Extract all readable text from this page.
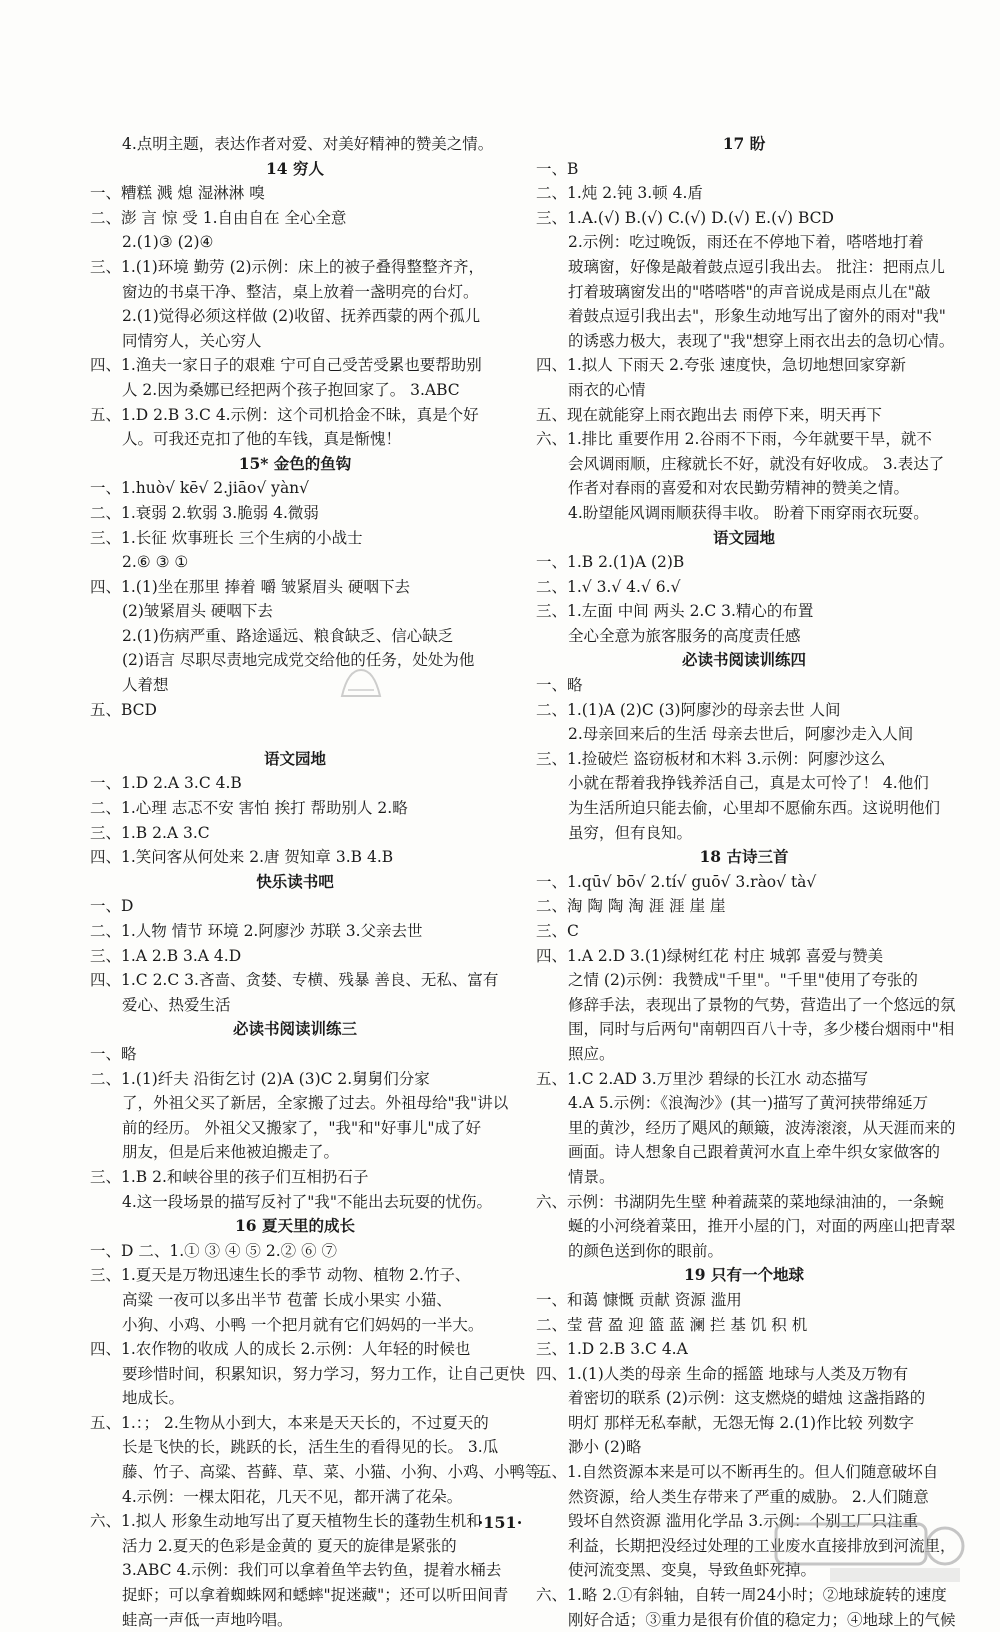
4.点明主题，表达作者对爱、对美好精神的赞美之情。
14 穷人
一、糟糕 溅 熄 湿淋淋 嗅
二、澎 言 惊 受 1.自由自在 全心全意
2.(1)③ (2)④
三、1.(1)环境 勤劳 (2)示例：床上的被子叠得整整齐齐，
窗边的书桌干净、整洁，桌上放着一盏明亮的台灯。
2.(1)觉得必须这样做 (2)收留、抚养西蒙的两个孤儿
同情穷人，关心穷人
四、1.渔夫一家日子的艰难 宁可自己受苦受累也要帮助别
人 2.因为桑娜已经把两个孩子抱回家了。 3.ABC
五、1.D 2.B 3.C 4.示例：这个司机拾金不昧，真是个好
人。可我还克扣了他的车钱，真是惭愧！
15* 金色的鱼钩
一、1.huò√ kē√ 2.jiāo√ yàn√
二、1.衰弱 2.软弱 3.脆弱 4.微弱
三、1.长征 炊事班长 三个生病的小战士
2.⑥ ③ ①
四、1.(1)坐在那里 捧着 嚼 皱紧眉头 硬咽下去
(2)皱紧眉头 硬咽下去
2.(1)伤病严重、路途遥远、粮食缺乏、信心缺乏
(2)语言 尽职尽责地完成党交给他的任务，处处为他
人着想
五、BCD

语文园地
一、1.D 2.A 3.C 4.B
二、1.心理 志忑不安 害怕 挨打 帮助别人 2.略
三、1.B 2.A 3.C
四、1.笑问客从何处来 2.唐 贺知章 3.B 4.B
快乐读书吧
一、D
二、1.人物 情节 环境 2.阿廖沙 苏联 3.父亲去世
三、1.A 2.B 3.A 4.D
四、1.C 2.C 3.吝啬、贪婪、专横、残暴 善良、无私、富有
爱心、热爱生活
必读书阅读训练三
一、略
二、1.(1)纤夫 沿街乞讨 (2)A (3)C 2.舅舅们分家
了，外祖父买了新居，全家搬了过去。外祖母给"我"讲以
前的经历。 外祖父又搬家了，"我"和"好事儿"成了好
朋友，但是后来他被迫搬走了。
三、1.B 2.和峡谷里的孩子们互相扔石子
4.这一段场景的描写反衬了"我"不能出去玩耍的忧伤。
16 夏天里的成长
一、D 二、1.① ③ ④ ⑤ 2.② ⑥ ⑦
三、1.夏天是万物迅速生长的季节 动物、植物 2.竹子、
高粱 一夜可以多出半节 苞蕾 长成小果实 小猫、
小狗、小鸡、小鸭 一个把月就有它们妈妈的一半大。
四、1.农作物的收成 人的成长 2.示例：人年轻的时候也
要珍惜时间，积累知识，努力学习，努力工作，让自己更快
地成长。
五、1.：； 2.生物从小到大，本来是天天长的，不过夏天的
长是飞快的长，跳跃的长，活生生的看得见的长。 3.瓜
藤、竹子、高粱、苔藓、草、菜、小猫、小狗、小鸡、小鸭等。
4.示例：一棵太阳花，几天不见，都开满了花朵。
六、1.拟人 形象生动地写出了夏天植物生长的蓬勃生机和
活力 2.夏天的色彩是金黄的 夏天的旋律是紧张的
3.ABC 4.示例：我们可以拿着鱼竿去钓鱼，提着水桶去
捉虾；可以拿着蜘蛛网和蟋蟀"捉迷藏"；还可以听田间青
蛙高一声低一声地吟唱。
17 盼
一、B
二、1.炖 2.钝 3.顿 4.盾
三、1.A.(√) B.(√) C.(√) D.(√) E.(√) BCD
2.示例：吃过晚饭，雨还在不停地下着，嗒嗒地打着
玻璃窗，好像是敲着鼓点逗引我出去。 批注：把雨点儿
打着玻璃窗发出的"嗒嗒嗒"的声音说成是雨点儿在"敲
着鼓点逗引我出去"，形象生动地写出了窗外的雨对"我"
的诱惑力极大，表现了"我"想穿上雨衣出去的急切心情。
四、1.拟人 下雨天 2.夸张 速度快，急切地想回家穿新
雨衣的心情
五、现在就能穿上雨衣跑出去 雨停下来，明天再下
六、1.排比 重要作用 2.谷雨不下雨，今年就要干旱，就不
会风调雨顺，庄稼就长不好，就没有好收成。 3.表达了
作者对春雨的喜爱和对农民勤劳精神的赞美之情。
4.盼望能风调雨顺获得丰收。 盼着下雨穿雨衣玩耍。
语文园地
一、1.B 2.(1)A (2)B
二、1.√ 3.√ 4.√ 6.√
三、1.左面 中间 两头 2.C 3.精心的布置
全心全意为旅客服务的高度责任感
必读书阅读训练四
一、略
二、1.(1)A (2)C (3)阿廖沙的母亲去世 人间
2.母亲回来后的生活 母亲去世后，阿廖沙走入人间
三、1.捡破烂 盗窃板材和木料 3.示例：阿廖沙这么
小就在帮着我挣钱养活自己，真是太可怜了！ 4.他们
为生活所迫只能去偷，心里却不愿偷东西。这说明他们
虽穷，但有良知。
18 古诗三首
一、1.qū√ bō√ 2.tí√ guō√ 3.rào√ tà√
二、淘 陶 陶 淘 涯 涯 崖 崖
三、C
四、1.A 2.D 3.(1)绿树红花 村庄 城郭 喜爱与赞美
之情 (2)示例：我赞成"千里"。"千里"使用了夸张的
修辞手法，表现出了景物的气势，营造出了一个悠远的氛
围，同时与后两句"南朝四百八十寺，多少楼台烟雨中"相
照应。
五、1.C 2.AD 3.万里沙 碧绿的长江水 动态描写
4.A 5.示例：《浪淘沙》(其一)描写了黄河挟带绵延万
里的黄沙，经历了飓风的颠簸，波涛滚滚，从天涯而来的
画面。诗人想象自己跟着黄河水直上牵牛织女家做客的
情景。
六、示例：书湖阴先生壁 种着蔬菜的菜地绿油油的，一条蜿
蜒的小河绕着菜田，推开小屋的门，对面的两座山把青翠
的颜色送到你的眼前。
19 只有一个地球
一、和蔼 慷慨 贡献 资源 滥用
二、莹 营 盈 迎 篮 蓝 澜 拦 基 饥 积 机
三、1.D 2.B 3.C 4.A
四、1.(1)人类的母亲 生命的摇篮 地球与人类及万物有
着密切的联系 (2)示例：这支燃烧的蜡烛 这盏指路的
明灯 那样无私奉献，无怨无悔 2.(1)作比较 列数字
渺小 (2)略
五、1.自然资源本来是可以不断再生的。但人们随意破坏自
然资源，给人类生存带来了严重的威胁。 2.人们随意
毁坏自然资源 滥用化学品 3.示例：个别工厂只注重
利益，长期把没经过处理的工业废水直接排放到河流里，
使河流变黑、变臭，导致鱼虾死掉。
六、1.略 2.①有斜轴，自转一周24小时；②地球旋转的速度
刚好合适；③重力是很有价值的稳定力；④地球上的气候
·151·
